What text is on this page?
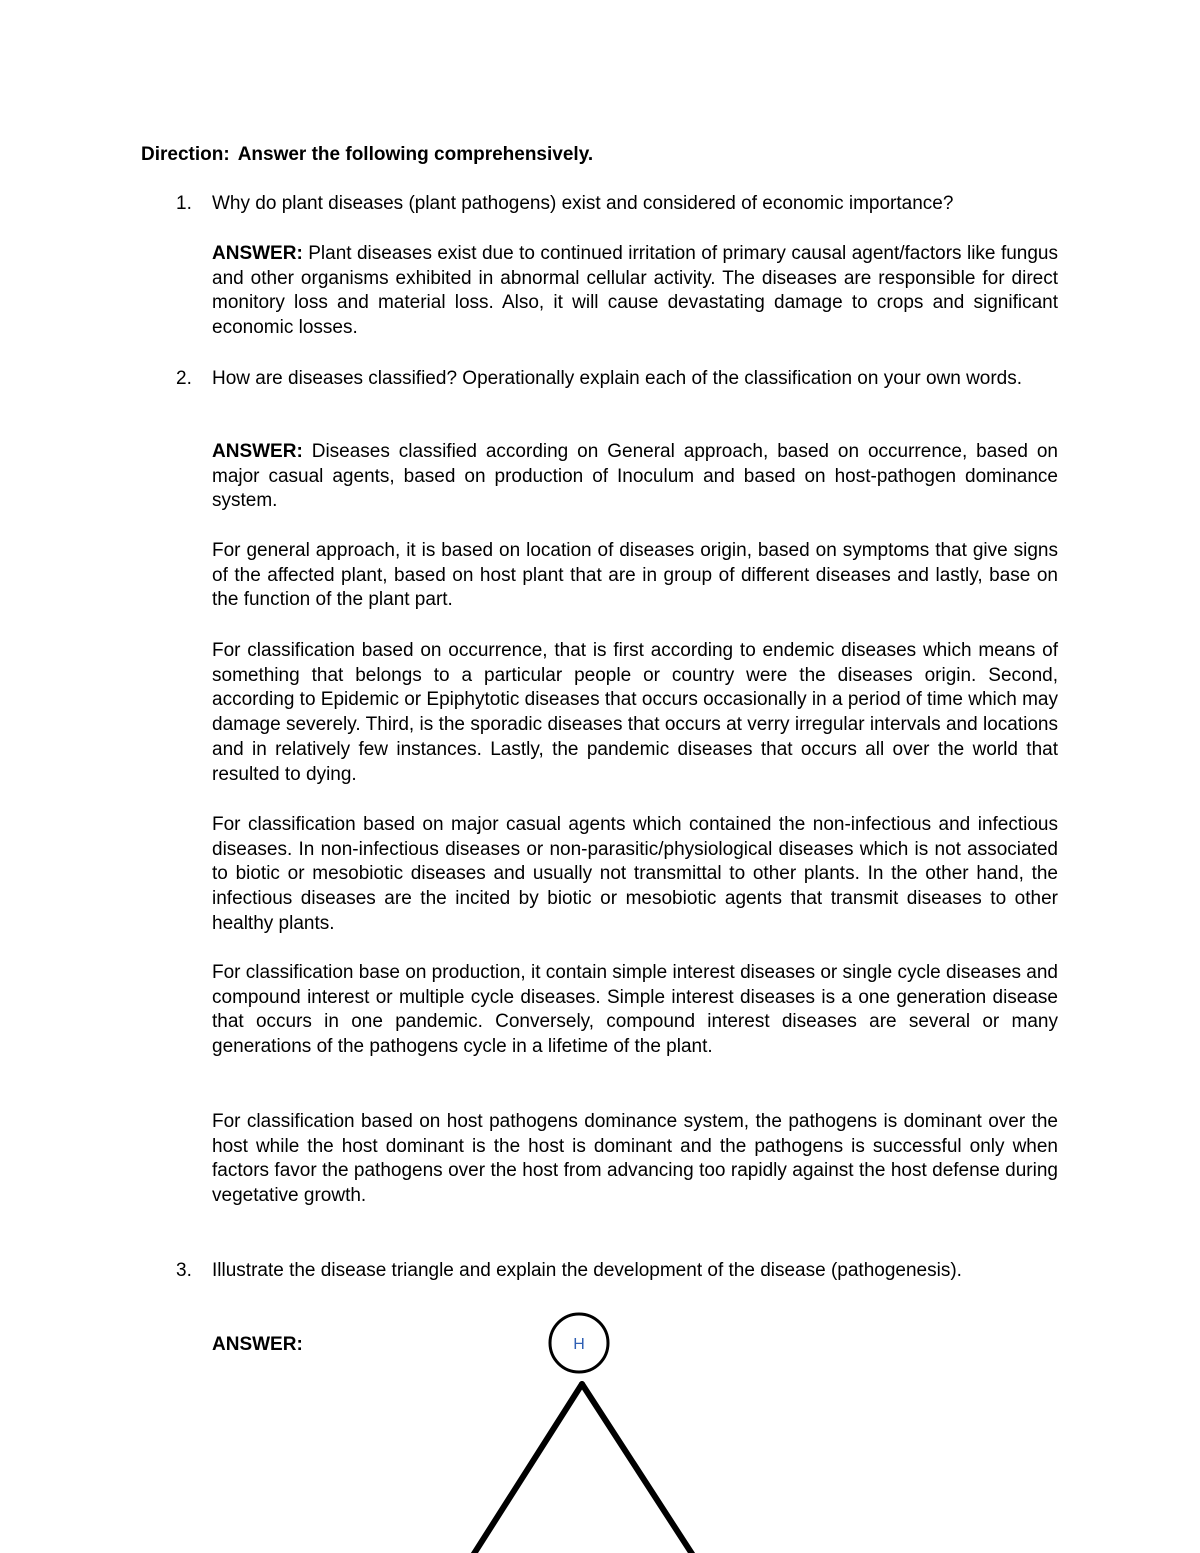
Direction: Answer the following comprehensively.
1. Why do plant diseases (plant pathogens) exist and considered of economic importance?
ANSWER: Plant diseases exist due to continued irritation of primary causal agent/factors like fungus and other organisms exhibited in abnormal cellular activity. The diseases are responsible for direct monitory loss and material loss. Also, it will cause devastating damage to crops and significant economic losses.
2. How are diseases classified? Operationally explain each of the classification on your own words.
ANSWER: Diseases classified according on General approach, based on occurrence, based on major casual agents, based on production of Inoculum and based on host-pathogen dominance system.
For general approach, it is based on location of diseases origin, based on symptoms that give signs of the affected plant, based on host plant that are in group of different diseases and lastly, base on the function of the plant part.
For classification based on occurrence, that is first according to endemic diseases which means of something that belongs to a particular people or country were the diseases origin. Second, according to Epidemic or Epiphytotic diseases that occurs occasionally in a period of time which may damage severely. Third, is the sporadic diseases that occurs at verry irregular intervals and locations and in relatively few instances. Lastly, the pandemic diseases that occurs all over the world that resulted to dying.
For classification based on major casual agents which contained the non-infectious and infectious diseases. In non-infectious diseases or non-parasitic/physiological diseases which is not associated to biotic or mesobiotic diseases and usually not transmittal to other plants. In the other hand, the infectious diseases are the incited by biotic or mesobiotic agents that transmit diseases to other healthy plants.
For classification base on production, it contain simple interest diseases or single cycle diseases and compound interest or multiple cycle diseases. Simple interest diseases is a one generation disease that occurs in one pandemic. Conversely, compound interest diseases are several or many generations of the pathogens cycle in a lifetime of the plant.
For classification based on host pathogens dominance system, the pathogens is dominant over the host while the host dominant is the host is dominant and the pathogens is successful only when factors favor the pathogens over the host from advancing too rapidly against the host defense during vegetative growth.
3. Illustrate the disease triangle and explain the development of the disease (pathogenesis).
ANSWER:	H
